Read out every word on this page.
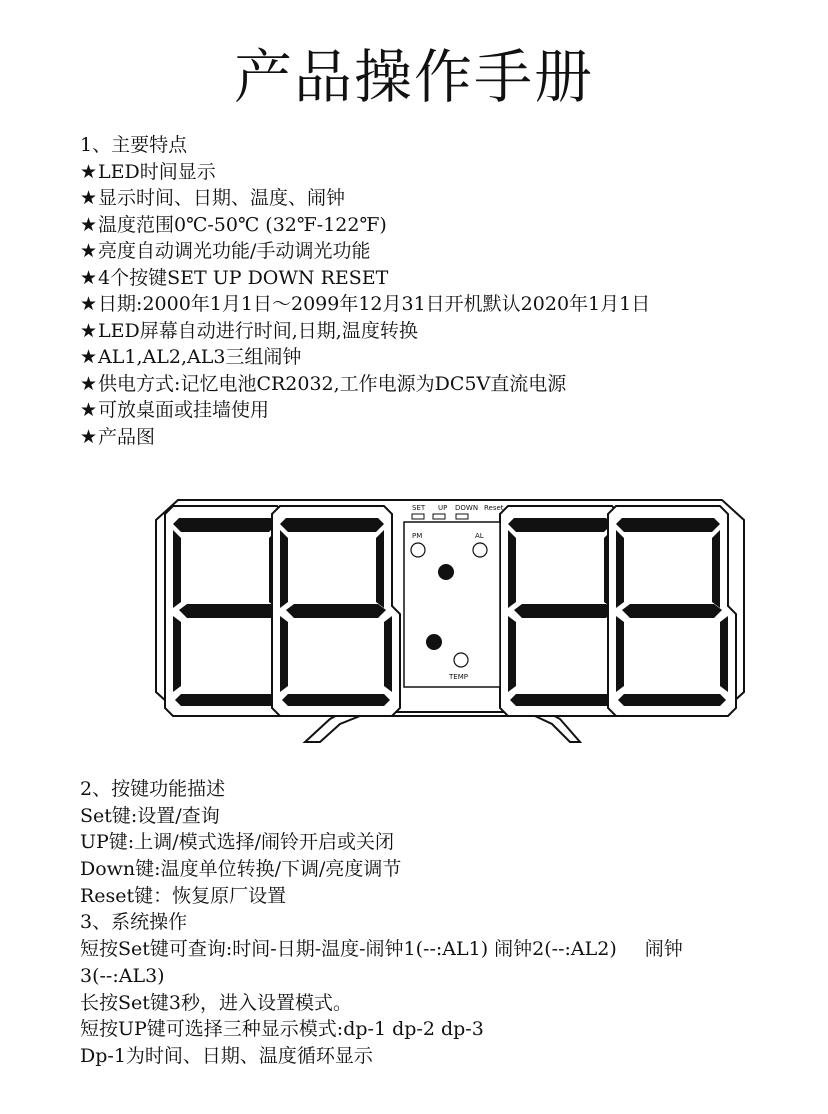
产品操作手册
1、主要特点
★LED时间显示
★显示时间、日期、温度、闹钟
★温度范围0℃-50℃ (32℉-122℉)
★亮度自动调光功能/手动调光功能
★4个按键SET UP DOWN RESET
★日期:2000年1月1日～2099年12月31日开机默认2020年1月1日
★LED屏幕自动进行时间,日期,温度转换
★AL1,AL2,AL3三组闹钟
★供电方式:记忆电池CR2032,工作电源为DC5V直流电源
★可放桌面或挂墙使用
★产品图
SET UP DOWN Reset
PM	AL
TEMP
2、按键功能描述
Set键:设置/查询
UP键:上调/模式选择/闹铃开启或关闭
Down键:温度单位转换/下调/亮度调节
Reset键：恢复原厂设置
3、系统操作
短按Set键可查询:时间-日期-温度-闹钟1(--:AL1) 闹钟2(--:AL2) 闹钟
3(--:AL3)
长按Set键3秒，进入设置模式。
短按UP键可选择三种显示模式:dp-1 dp-2 dp-3
Dp-1为时间、日期、温度循环显示
